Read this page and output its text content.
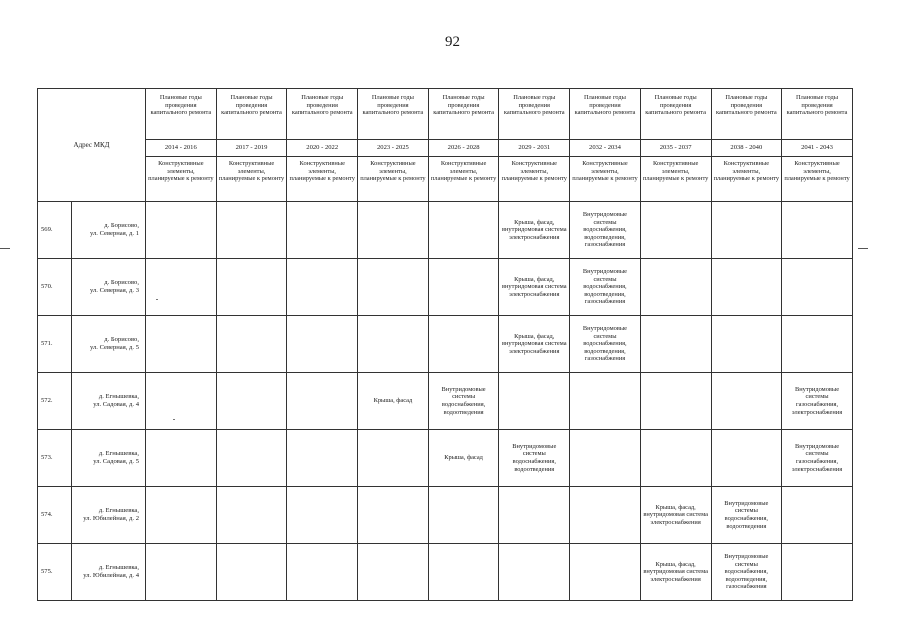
92
Адрес МКД		Плановые годы проведения капитального ремонта	Плановые годы проведения капитального ремонта	Плановые годы проведения капитального ремонта	Плановые годы проведения капитального ремонта	Плановые годы проведения капитального ремонта	Плановые годы проведения капитального ремонта	Плановые годы проведения капитального ремонта	Плановые годы проведения капитального ремонта	Плановые годы проведения капитального ремонта	Плановые годы проведения капитального ремонта
		2014 - 2016	2017 - 2019	2020 - 2022	2023 - 2025	2026 - 2028	2029 - 2031	2032 - 2034	2035 - 2037	2038 - 2040	2041 - 2043
		Конструктивные элементы, планируемые к ремонту	Конструктивные элементы, планируемые к ремонту	Конструктивные элементы, планируемые к ремонту	Конструктивные элементы, планируемые к ремонту	Конструктивные элементы, планируемые к ремонту	Конструктивные элементы, планируемые к ремонту	Конструктивные элементы, планируемые к ремонту	Конструктивные элементы, планируемые к ремонту	Конструктивные элементы, планируемые к ремонту	Конструктивные элементы, планируемые к ремонту
569.	д. Борисово,
ул. Северная, д. 1						Крыша, фасад, внутридомовая система электроснабжения	Внутридомовые системы водоснабжения, водоотведения, газоснабжения			
570.	д. Борисово,
ул. Северная, д. 3						Крыша, фасад, внутридомовая система электроснабжения	Внутридомовые системы водоснабжения, водоотведения, газоснабжения			
571.	д. Борисово,
ул. Северная, д. 5						Крыша, фасад, внутридомовая система электроснабжения	Внутридомовые системы водоснабжения, водоотведения, газоснабжения			
572.	д. Егнышевка,
ул. Садовая, д. 4				Крыша, фасад	Внутридомовые системы водоснабжения, водоотведения					Внутридомовые системы газоснабжения, электроснабжения
573.	д. Егнышевка,
ул. Садовая, д. 5					Крыша, фасад	Внутридомовые системы водоснабжения, водоотведения				Внутридомовые системы газоснабжения, электроснабжения
574.	д. Егнышевка,
ул. Юбилейная, д. 2								Крыша, фасад, внутридомовая система электроснабжения	Внутридомовые системы водоснабжения, водоотведения	
575.	д. Егнышевка,
ул. Юбилейная, д. 4								Крыша, фасад, внутридомовая система электроснабжения	Внутридомовые системы водоснабжения, водоотведения, газоснабжения	
